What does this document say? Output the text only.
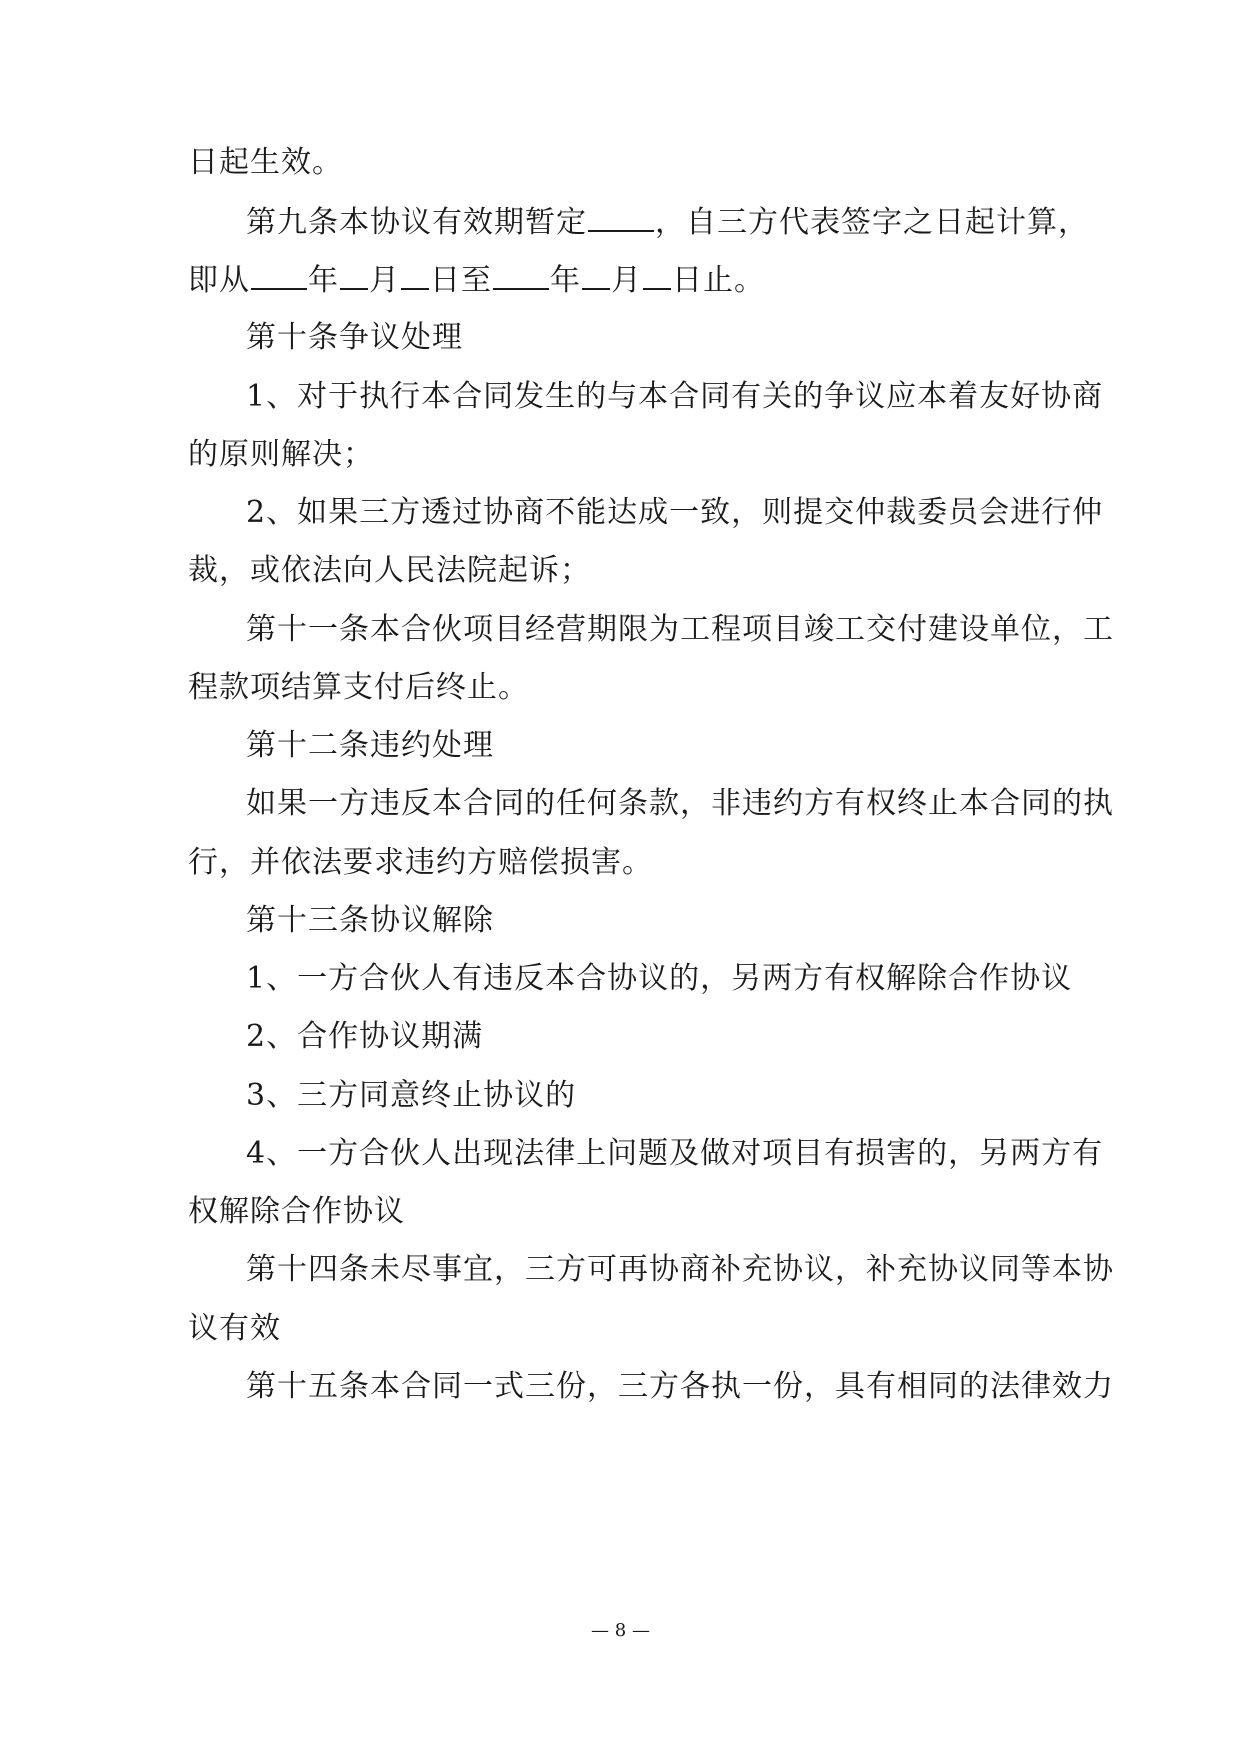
日起生效。
第九条本协议有效期暂定 ，自三方代表签字之日起计算，
即从 年 月 日至 年 月 日止。
第十条争议处理
1、对于执行本合同发生的与本合同有关的争议应本着友好协商
的原则解决；
2、如果三方透过协商不能达成一致，则提交仲裁委员会进行仲
裁，或依法向人民法院起诉；
第十一条本合伙项目经营期限为工程项目竣工交付建设单位，工
程款项结算支付后终止。
第十二条违约处理
如果一方违反本合同的任何条款，非违约方有权终止本合同的执
行，并依法要求违约方赔偿损害。
第十三条协议解除
1、一方合伙人有违反本合协议的，另两方有权解除合作协议
2、合作协议期满
3、三方同意终止协议的
4、一方合伙人出现法律上问题及做对项目有损害的，另两方有
权解除合作协议
第十四条未尽事宜，三方可再协商补充协议，补充协议同等本协
议有效
第十五条本合同一式三份，三方各执一份，具有相同的法律效力
— 8 —
